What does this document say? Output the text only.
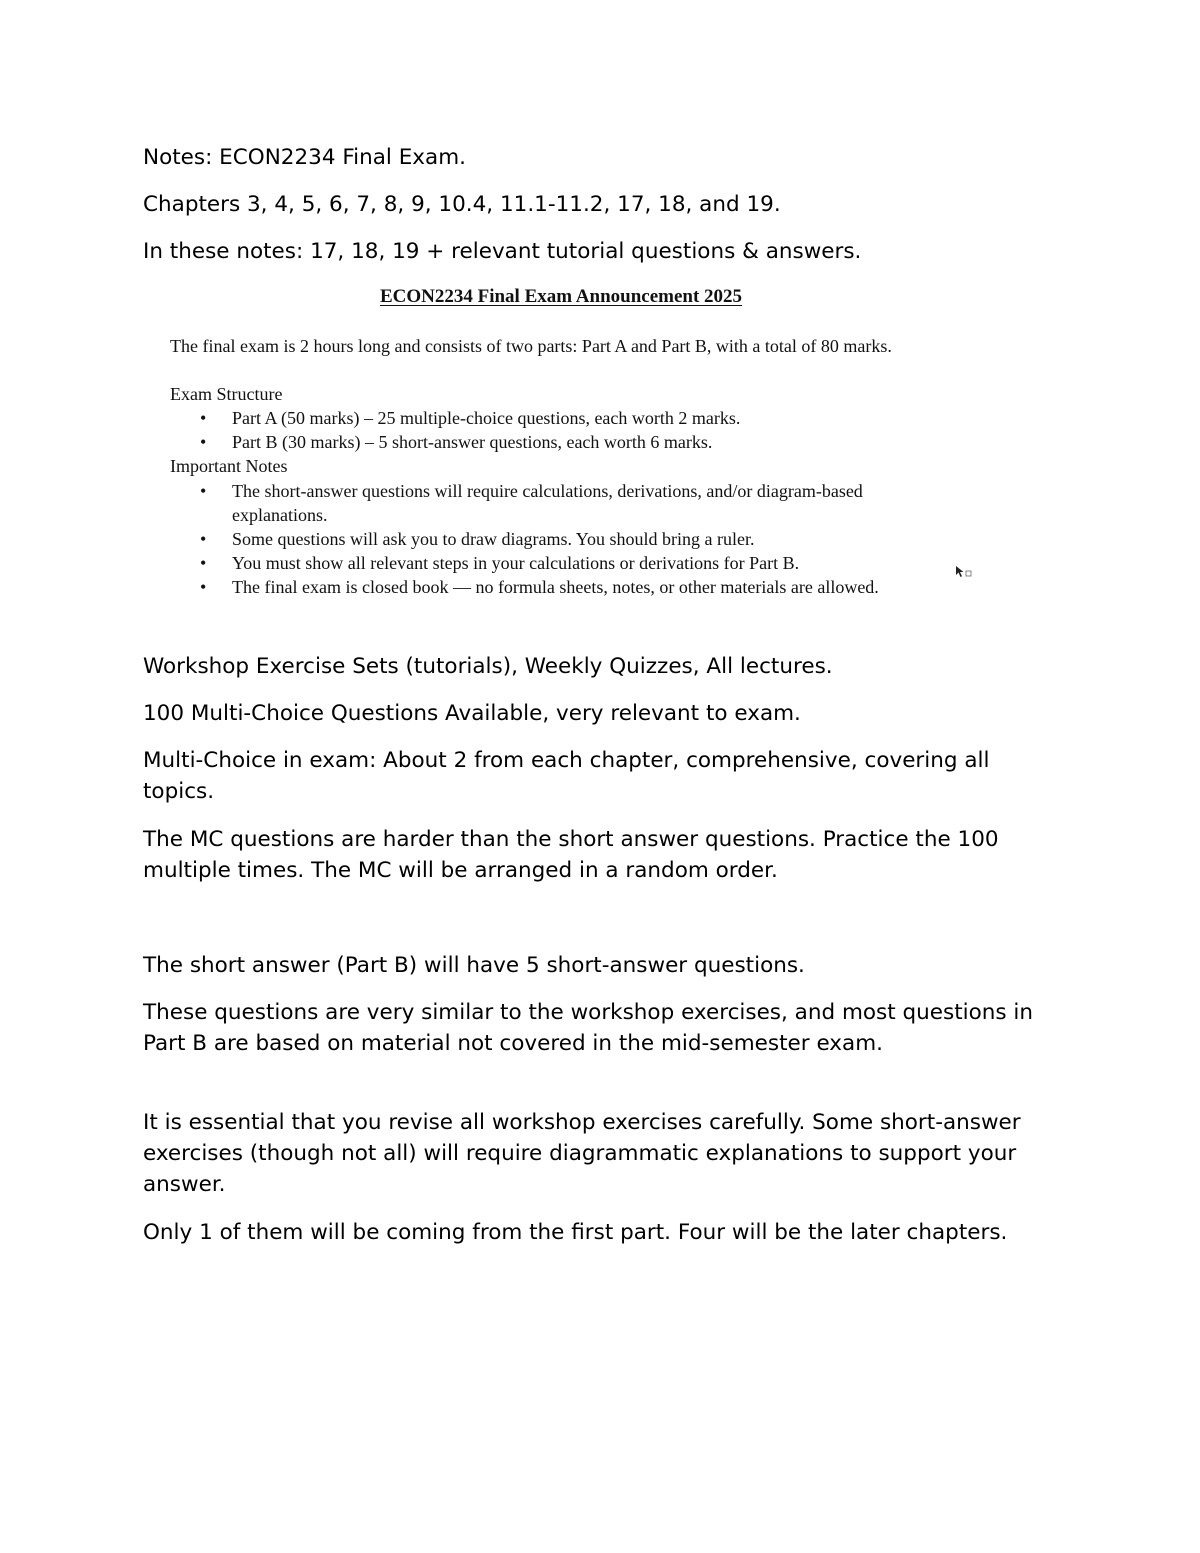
Notes: ECON2234 Final Exam.

Chapters 3, 4, 5, 6, 7, 8, 9, 10.4, 11.1-11.2, 17, 18, and 19.

In these notes: 17, 18, 19 + relevant tutorial questions & answers.

ECON2234 Final Exam Announcement 2025

The final exam is 2 hours long and consists of two parts: Part A and Part B, with a total of 80 marks.

Exam Structure

• Part A (50 marks) – 25 multiple-choice questions, each worth 2 marks.
• Part B (30 marks) – 5 short-answer questions, each worth 6 marks.

Important Notes

• The short-answer questions will require calculations, derivations, and/or diagram-based explanations.
• Some questions will ask you to draw diagrams. You should bring a ruler.
• You must show all relevant steps in your calculations or derivations for Part B.
• The final exam is closed book — no formula sheets, notes, or other materials are allowed.

Workshop Exercise Sets (tutorials), Weekly Quizzes, All lectures.

100 Multi-Choice Questions Available, very relevant to exam.

Multi-Choice in exam: About 2 from each chapter, comprehensive, covering all topics.

The MC questions are harder than the short answer questions. Practice the 100 multiple times. The MC will be arranged in a random order.

The short answer (Part B) will have 5 short-answer questions.

These questions are very similar to the workshop exercises, and most questions in Part B are based on material not covered in the mid-semester exam.

It is essential that you revise all workshop exercises carefully. Some short-answer exercises (though not all) will require diagrammatic explanations to support your answer.

Only 1 of them will be coming from the first part. Four will be the later chapters.
